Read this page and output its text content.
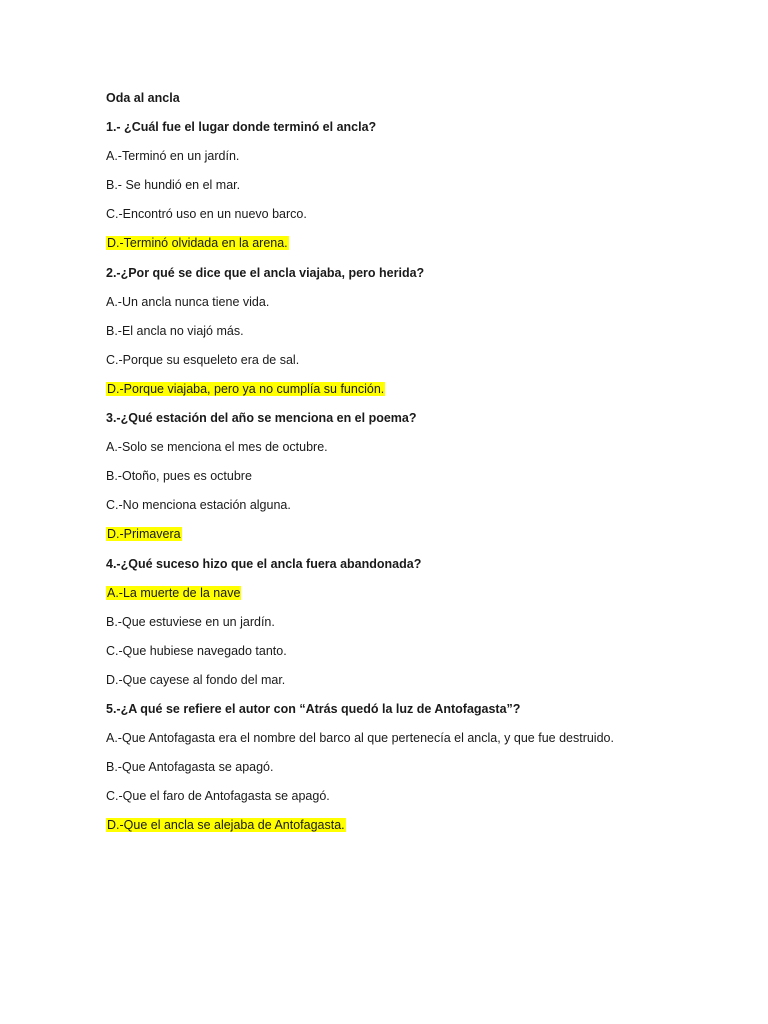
Oda al ancla
1.- ¿Cuál fue el lugar donde terminó el ancla?
A.-Terminó en un jardín.
B.- Se hundió en el mar.
C.-Encontró uso en un nuevo barco.
D.-Terminó olvidada en la arena.
2.-¿Por qué se dice que el ancla viajaba, pero herida?
A.-Un ancla nunca tiene vida.
B.-El ancla no viajó más.
C.-Porque su esqueleto era de sal.
D.-Porque viajaba, pero ya no cumplía su función.
3.-¿Qué estación del año se menciona en el poema?
A.-Solo se menciona el mes de octubre.
B.-Otoño, pues es octubre
C.-No menciona estación alguna.
D.-Primavera
4.-¿Qué suceso hizo que el ancla fuera abandonada?
A.-La muerte de la nave
B.-Que estuviese en un jardín.
C.-Que hubiese navegado tanto.
D.-Que cayese al fondo del mar.
5.-¿A qué se refiere el autor con “Atrás quedó la luz de Antofagasta”?
A.-Que Antofagasta era el nombre del barco al que pertenecía el ancla, y que fue destruido.
B.-Que Antofagasta se apagó.
C.-Que el faro de Antofagasta se apagó.
D.-Que el ancla se alejaba de Antofagasta.
